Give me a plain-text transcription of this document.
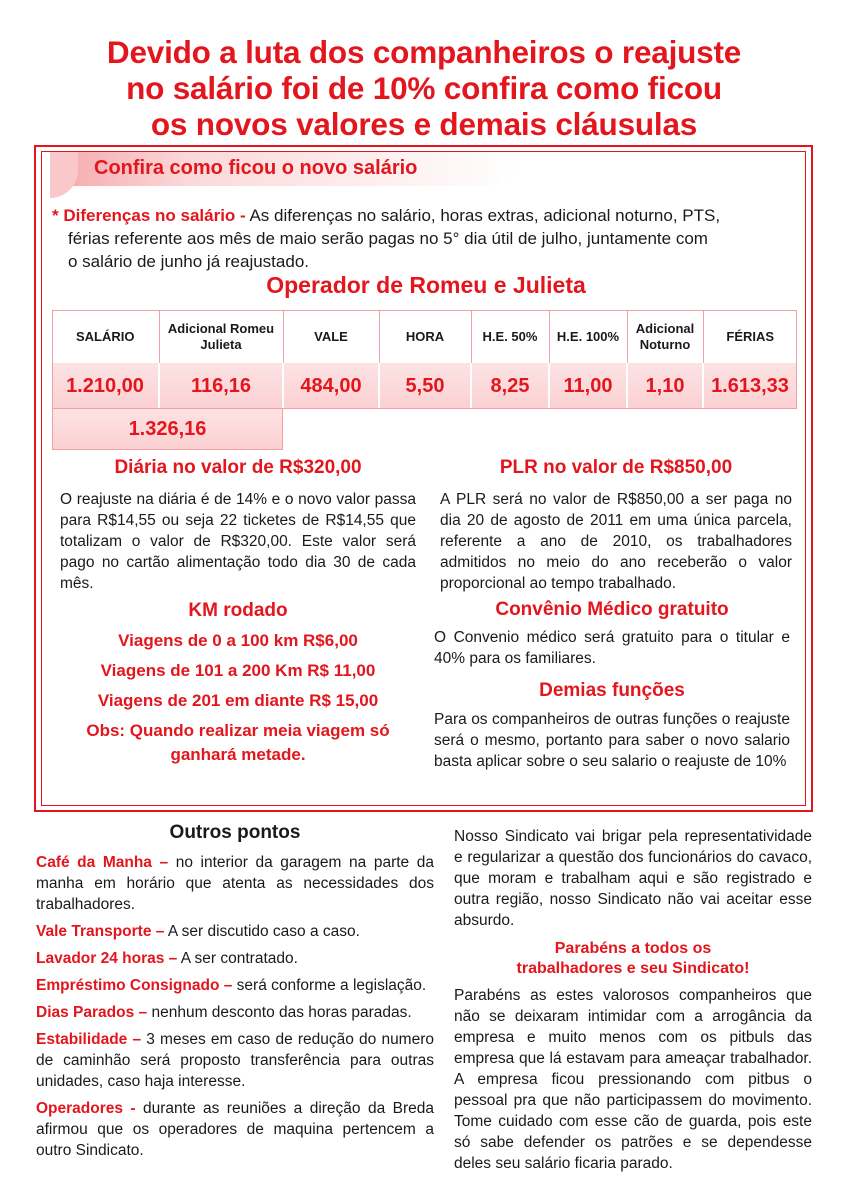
Devido a luta dos companheiros o reajuste
no salário foi de 10% confira como ficou
os novos valores e demais cláusulas
Confira como ficou o novo salário
* Diferenças no salário - As diferenças no salário, horas extras, adicional noturno, PTS,
férias referente aos mês de maio serão pagas no 5° dia útil de julho, juntamente com
o salário de junho já reajustado.
Operador de Romeu e Julieta
SALÁRIO	Adicional Romeu Julieta	VALE	HORA	H.E. 50%	H.E. 100%	Adicional Noturno	FÉRIAS
1.210,00	116,16	484,00	5,50	8,25	11,00	1,10	1.613,33
1.326,16
Diária no valor de R$320,00
O reajuste na diária é de 14% e o novo valor passa para R$14,55 ou seja 22 ticketes de R$14,55 que totalizam o valor de R$320,00. Este valor será pago no cartão alimentação todo dia 30 de cada mês.
KM rodado
Viagens de 0 a 100 km R$6,00
Viagens de 101 a 200 Km R$ 11,00
Viagens de 201 em diante R$ 15,00
Obs: Quando realizar meia viagem só
ganhará metade.
PLR no valor de R$850,00
A PLR será no valor de R$850,00 a ser paga no dia 20 de agosto de 2011 em uma única parcela, referente a ano de 2010, os trabalhadores admitidos no meio do ano receberão o valor proporcional ao tempo trabalhado.
Convênio Médico gratuito
O Convenio médico será gratuito para o titular e 40% para os familiares.
Demias funções
Para os companheiros de outras funções o reajuste será o mesmo, portanto para saber o novo salario basta aplicar sobre o seu salario o reajuste de 10%
Outros pontos
Café da Manha – no interior da garagem na parte da manha em horário que atenta as necessidades dos trabalhadores.
Vale Transporte – A ser discutido caso a caso.
Lavador 24 horas – A ser contratado.
Empréstimo Consignado – será conforme a legislação.
Dias Parados – nenhum desconto das horas paradas.
Estabilidade – 3 meses em caso de redução do numero de caminhão será proposto transferência para outras unidades, caso haja interesse.
Operadores - durante as reuniões a direção da Breda afirmou que os operadores de maquina pertencem a outro Sindicato.
Nosso Sindicato vai brigar pela representatividade e regularizar a questão dos funcionários do cavaco, que moram e trabalham aqui e são registrado e outra região, nosso Sindicato não vai aceitar esse absurdo.
Parabéns a todos os
trabalhadores e seu Sindicato!
Parabéns as estes valorosos companheiros que não se deixaram intimidar com a arrogância da empresa e muito menos com os pitbuls das empresa que lá estavam para ameaçar trabalhador. A empresa ficou pressionando com pitbus o pessoal pra que não participassem do movimento. Tome cuidado com esse cão de guarda, pois este só sabe defender os patrões e se dependesse deles seu salário ficaria parado.
